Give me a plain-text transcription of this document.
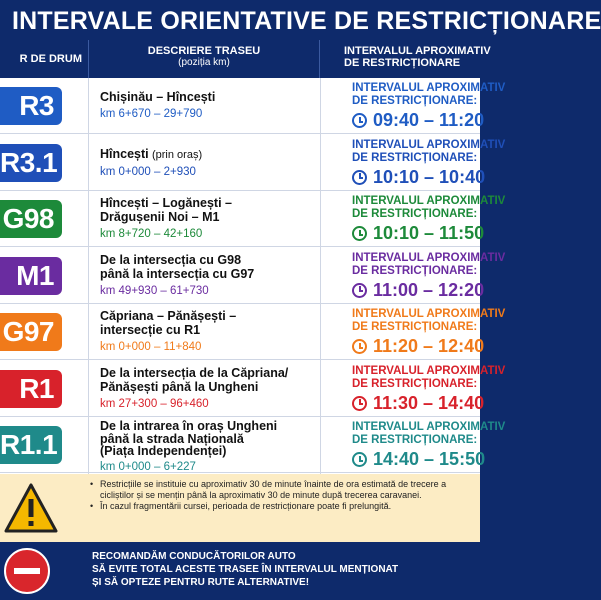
INTERVALE ORIENTATIVE DE RESTRICȚIONARE
R DE DRUM
DESCRIERE TRASEU
(poziția km)
INTERVALUL APROXIMATIV
DE RESTRICȚIONARE
R3	Chișinău – Hîncești
km 6+670 – 29+790
INTERVALUL APROXIMATIV
DE RESTRICȚIONARE:
09:40 – 11:20
R3.1	Hîncești (prin oraș)
km 0+000 – 2+930
INTERVALUL APROXIMATIV
DE RESTRICȚIONARE:
10:10 – 10:40
G98	Hîncești – Logănești –
Drăgușenii Noi – M1
km 8+720 – 42+160
INTERVALUL APROXIMATIV
DE RESTRICȚIONARE:
10:10 – 11:50
M1	De la intersecția cu G98
până la intersecția cu G97
km 49+930 – 61+730
INTERVALUL APROXIMATIV
DE RESTRICȚIONARE:
11:00 – 12:20
G97	Căpriana – Pănășești –
intersecție cu R1
km 0+000 – 11+840
INTERVALUL APROXIMATIV
DE RESTRICȚIONARE:
11:20 – 12:40
R1	De la intersecția de la Căpriana/
Pănășești până la Ungheni
km 27+300 – 96+460
INTERVALUL APROXIMATIV
DE RESTRICȚIONARE:
11:30 – 14:40
R1.1
De la intrarea în oraș Ungheni
până la strada Națională
(Piața Independenței)
km 0+000 – 6+227
INTERVALUL APROXIMATIV
DE RESTRICȚIONARE:
14:40 – 15:50
• Restricțiile se instituie cu aproximativ 30 de minute înainte de ora estimată de trecere a cicliștilor și se mențin până la aproximativ 30 de minute după trecerea caravanei.
• În cazul fragmentării cursei, perioada de restricționare poate fi prelungită.
RECOMANDĂM CONDUCĂTORILOR AUTO
SĂ EVITE TOTAL ACESTE TRASEE ÎN INTERVALUL MENȚIONAT
ȘI SĂ OPTEZE PENTRU RUTE ALTERNATIVE!
